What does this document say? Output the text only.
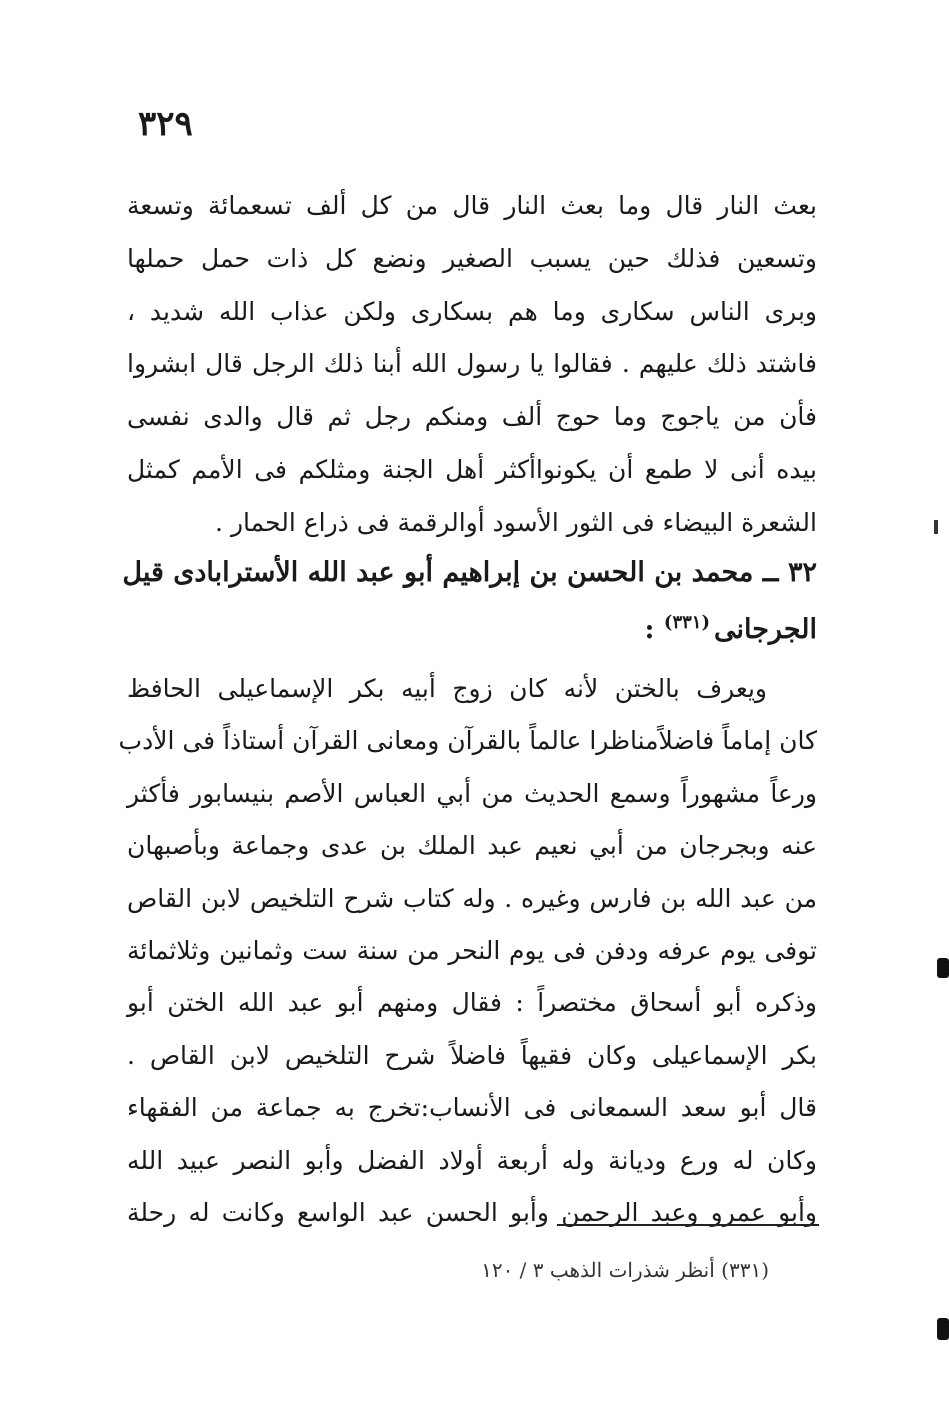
٣٢٩
بعث النار قال وما بعث النار قال من كل ألف تسعمائة وتسعة
وتسعين فذلك حين يسبب الصغير ونضع كل ذات حمل حملها
وبرى الناس سكارى وما هم بسكارى ولكن عذاب الله شديد ،
فاشتد ذلك عليهم . فقالوا يا رسول الله أبنا ذلك الرجل قال ابشروا
فأن من ياجوج وما حوج ألف ومنكم رجل ثم قال والدى نفسى
بيده أنى لا طمع أن يكونواأكثر أهل الجنة ومثلكم فى الأمم كمثل
الشعرة البيضاء فى الثور الأسود أوالرقمة فى ذراع الحمار .
٣٢ ــ محمد بن الحسن بن إبراهيم أبو عبد الله الأسترابادى قيل
الجرجانى$^{(٣٣١)}$ :
ويعرف بالختن لأنه كان زوج أبيه بكر الإسماعيلى الحافظ
كان إماماً فاضلاًمناظرا عالماً بالقرآن ومعانى القرآن أستاذاً فى الأدب
ورعاً مشهوراً وسمع الحديث من أبي العباس الأصم بنيسابور فأكثر
عنه وبجرجان من أبي نعيم عبد الملك بن عدى وجماعة وبأصبهان
من عبد الله بن فارس وغيره . وله كتاب شرح التلخيص لابن القاص
توفى يوم عرفه ودفن فى يوم النحر من سنة ست وثمانين وثلاثمائة
وذكره أبو أسحاق مختصراً : فقال ومنهم أبو عبد الله الختن أبو
بكر الإسماعيلى وكان فقيهاً فاضلاً شرح التلخيص لابن القاص .
قال أبو سعد السمعانى فى الأنساب:تخرج به جماعة من الفقهاء
وكان له ورع وديانة وله أربعة أولاد الفضل وأبو النصر عبيد الله
وأبو عمرو وعبد الرحمن وأبو الحسن عبد الواسع وكانت له رحلة
(٣٣١) أنظر شذرات الذهب ٣ / ١٢٠
